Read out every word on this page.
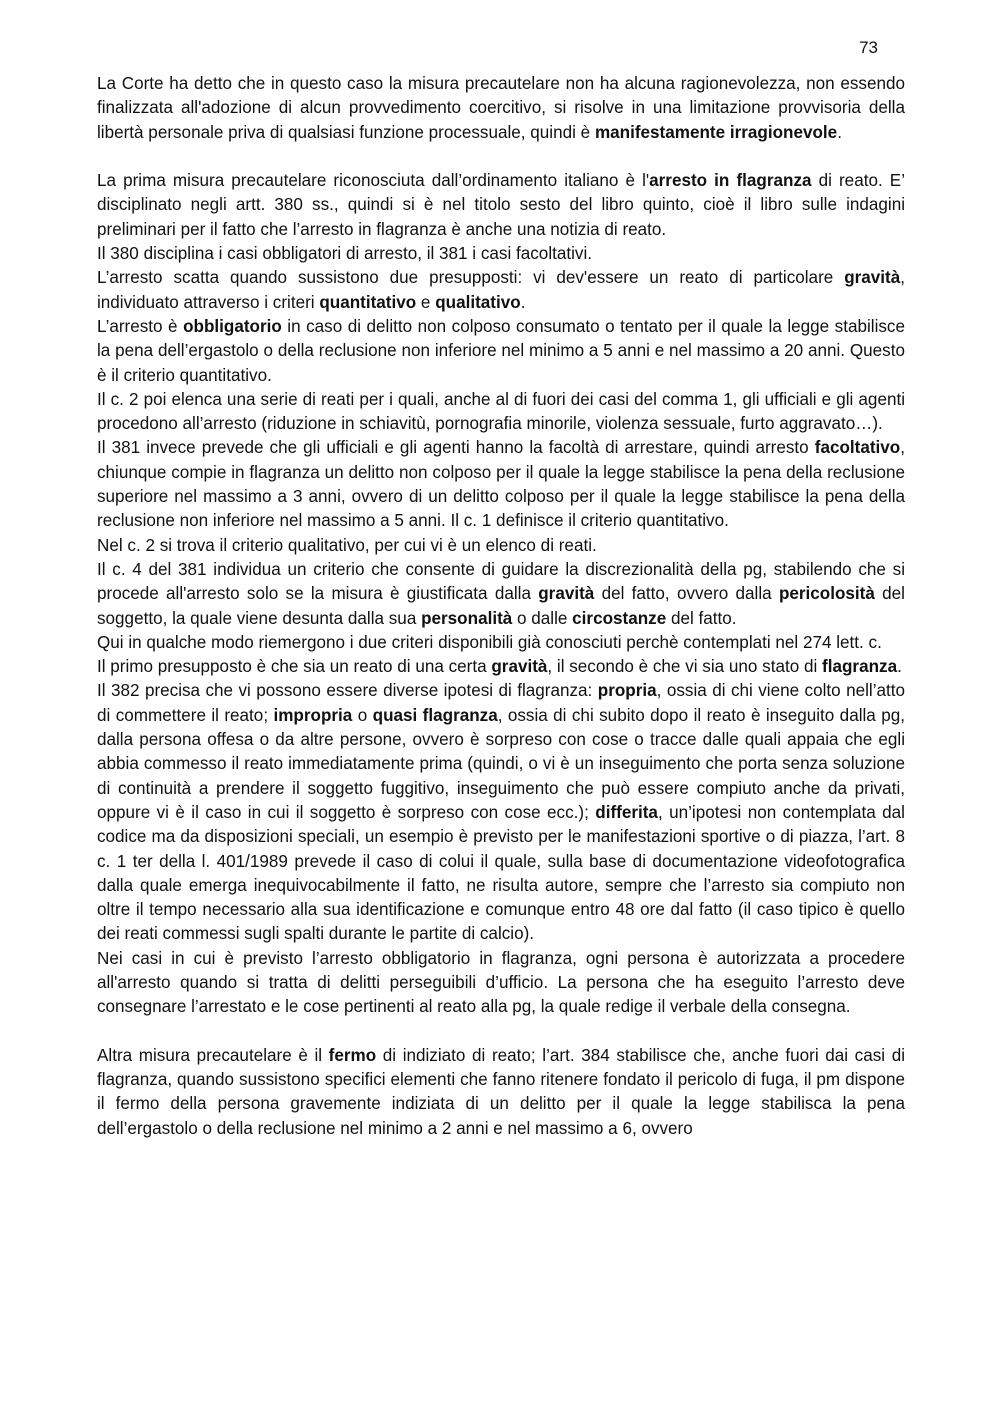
73

La Corte ha detto che in questo caso la misura precautelare non ha alcuna ragionevolezza, non essendo finalizzata all'adozione di alcun provvedimento coercitivo, si risolve in una limitazione provvisoria della libertà personale priva di qualsiasi funzione processuale, quindi è manifestamente irragionevole.

La prima misura precautelare riconosciuta dall’ordinamento italiano è l'arresto in flagranza di reato. E’ disciplinato negli artt. 380 ss., quindi si è nel titolo sesto del libro quinto, cioè il libro sulle indagini preliminari per il fatto che l’arresto in flagranza è anche una notizia di reato.

Il 380 disciplina i casi obbligatori di arresto, il 381 i casi facoltativi.

L’arresto scatta quando sussistono due presupposti: vi dev'essere un reato di particolare gravità, individuato attraverso i criteri quantitativo e qualitativo.

L’arresto è obbligatorio in caso di delitto non colposo consumato o tentato per il quale la legge stabilisce la pena dell’ergastolo o della reclusione non inferiore nel minimo a 5 anni e nel massimo a 20 anni. Questo è il criterio quantitativo.

Il c. 2 poi elenca una serie di reati per i quali, anche al di fuori dei casi del comma 1, gli ufficiali e gli agenti procedono all’arresto (riduzione in schiavitù, pornografia minorile, violenza sessuale, furto aggravato…).

Il 381 invece prevede che gli ufficiali e gli agenti hanno la facoltà di arrestare, quindi arresto facoltativo, chiunque compie in flagranza un delitto non colposo per il quale la legge stabilisce la pena della reclusione superiore nel massimo a 3 anni, ovvero di un delitto colposo per il quale la legge stabilisce la pena della reclusione non inferiore nel massimo a 5 anni. Il c. 1 definisce il criterio quantitativo.

Nel c. 2 si trova il criterio qualitativo, per cui vi è un elenco di reati.

Il c. 4 del 381 individua un criterio che consente di guidare la discrezionalità della pg, stabilendo che si procede all'arresto solo se la misura è giustificata dalla gravità del fatto, ovvero dalla pericolosità del soggetto, la quale viene desunta dalla sua personalità o dalle circostanze del fatto.

Qui in qualche modo riemergono i due criteri disponibili già conosciuti perchè contemplati nel 274 lett. c.

Il primo presupposto è che sia un reato di una certa gravità, il secondo è che vi sia uno stato di flagranza.

Il 382 precisa che vi possono essere diverse ipotesi di flagranza: propria, ossia di chi viene colto nell’atto di commettere il reato; impropria o quasi flagranza, ossia di chi subito dopo il reato è inseguito dalla pg, dalla persona offesa o da altre persone, ovvero è sorpreso con cose o tracce dalle quali appaia che egli abbia commesso il reato immediatamente prima (quindi, o vi è un inseguimento che porta senza soluzione di continuità a prendere il soggetto fuggitivo, inseguimento che può essere compiuto anche da privati, oppure vi è il caso in cui il soggetto è sorpreso con cose ecc.); differita, un’ipotesi non contemplata dal codice ma da disposizioni speciali, un esempio è previsto per le manifestazioni sportive o di piazza, l’art. 8 c. 1 ter della l. 401/1989 prevede il caso di colui il quale, sulla base di documentazione videofotografica dalla quale emerga inequivocabilmente il fatto, ne risulta autore, sempre che l’arresto sia compiuto non oltre il tempo necessario alla sua identificazione e comunque entro 48 ore dal fatto (il caso tipico è quello dei reati commessi sugli spalti durante le partite di calcio).

Nei casi in cui è previsto l’arresto obbligatorio in flagranza, ogni persona è autorizzata a procedere all'arresto quando si tratta di delitti perseguibili d’ufficio. La persona che ha eseguito l’arresto deve consegnare l’arrestato e le cose pertinenti al reato alla pg, la quale redige il verbale della consegna.

Altra misura precautelare è il fermo di indiziato di reato; l’art. 384 stabilisce che, anche fuori dai casi di flagranza, quando sussistono specifici elementi che fanno ritenere fondato il pericolo di fuga, il pm dispone il fermo della persona gravemente indiziata di un delitto per il quale la legge stabilisca la pena dell’ergastolo o della reclusione nel minimo a 2 anni e nel massimo a 6, ovvero
